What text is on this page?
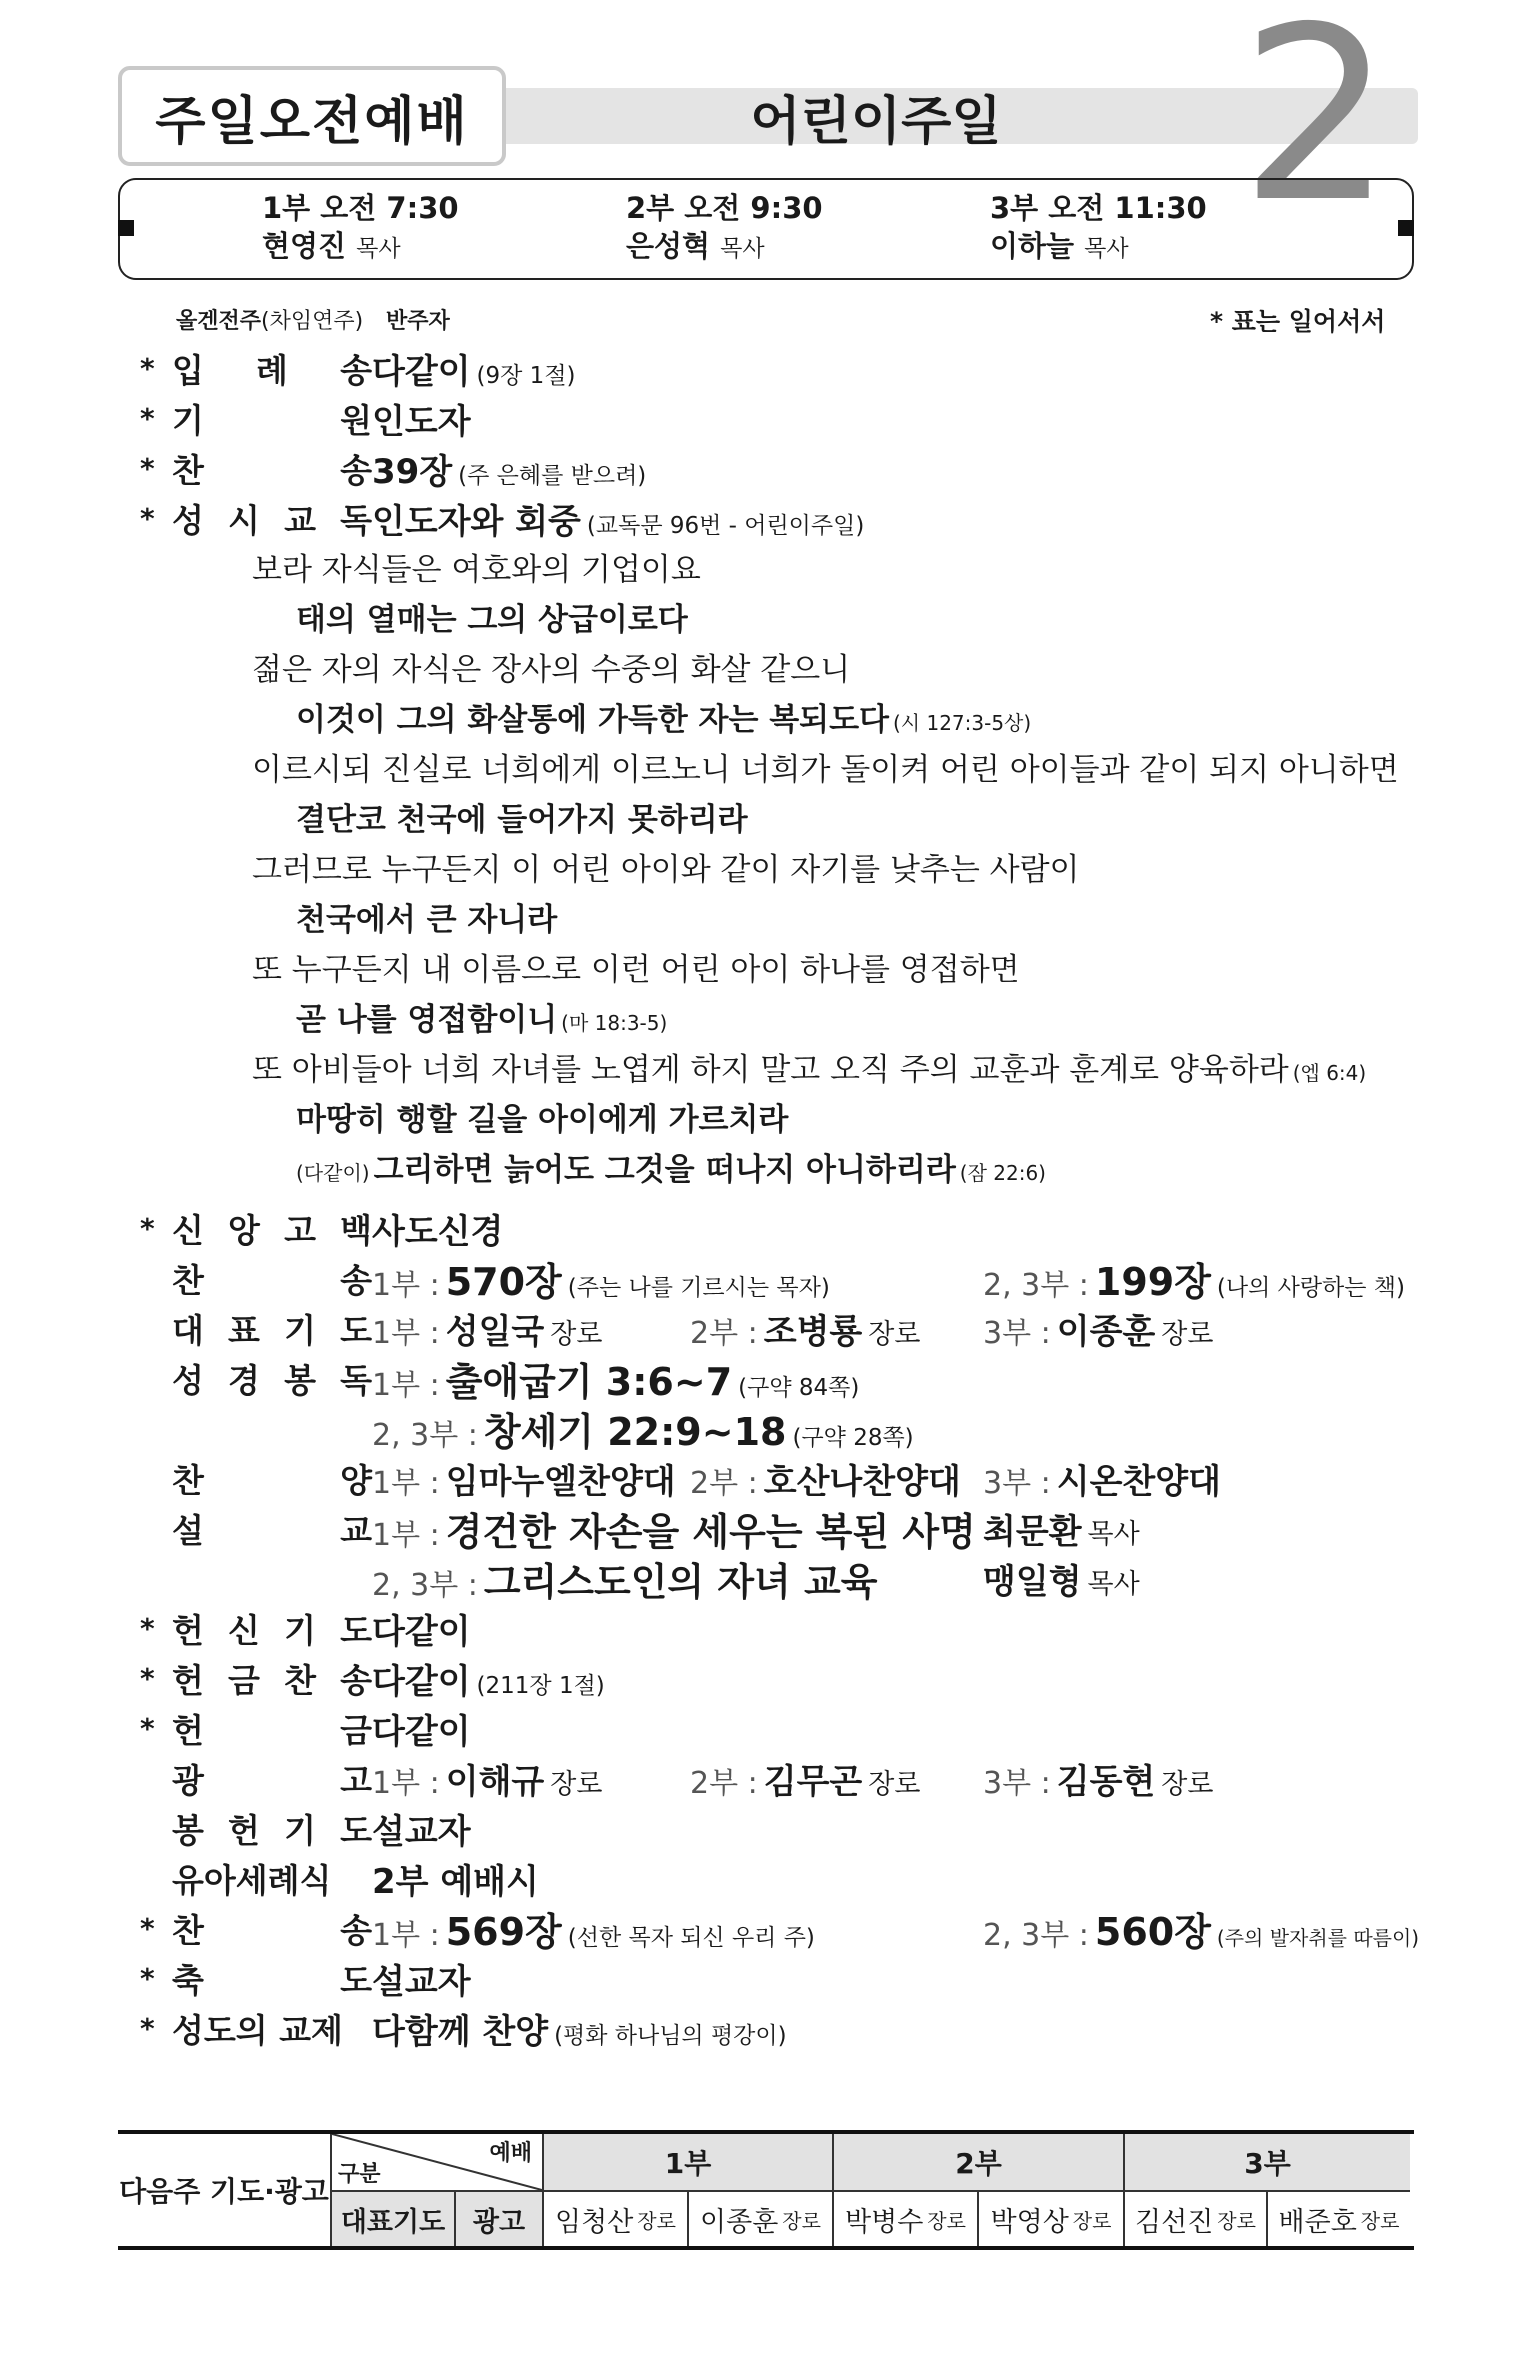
주일오전예배	어린이주일 2
1부 오전 7:30
현영진 목사
2부 오전 9:30
은성혁 목사
3부 오전 11:30
이하늘 목사
올겐전주(차임연주) 반주자	* 표는 일어서서
* 입 례 송 다같이 (9장 1절)
* 기	원 인도자
* 찬	송 39장 (주 은혜를 받으려)
* 성 시 교 독 인도자와 회중 (교독문 96번 - 어린이주일)
보라 자식들은 여호와의 기업이요
태의 열매는 그의 상급이로다
젊은 자의 자식은 장사의 수중의 화살 같으니
이것이 그의 화살통에 가득한 자는 복되도다 (시 127:3-5상)
이르시되 진실로 너희에게 이르노니 너희가 돌이켜 어린 아이들과 같이 되지 아니하면
결단코 천국에 들어가지 못하리라
그러므로 누구든지 이 어린 아이와 같이 자기를 낮추는 사람이
천국에서 큰 자니라
또 누구든지 내 이름으로 이런 어린 아이 하나를 영접하면
곧 나를 영접함이니 (마 18:3-5)
또 아비들아 너희 자녀를 노엽게 하지 말고 오직 주의 교훈과 훈계로 양육하라 (엡 6:4)
마땅히 행할 길을 아이에게 가르치라
(다같이) 그리하면 늙어도 그것을 떠나지 아니하리라 (잠 22:6)
* 신 앙 고 백 사도신경
찬	송 1부 : 570장 (주는 나를 기르시는 목자)	2, 3부 : 199장 (나의 사랑하는 책)
대 표 기 도 1부 : 성일국 장로	2부 : 조병룡 장로 3부 : 이종훈 장로
성 경 봉 독 1부 : 출애굽기 3:6~7 (구약 84쪽)
2, 3부 : 창세기 22:9~18 (구약 28쪽)
찬	양 1부 : 임마누엘찬양대 2부 : 호산나찬양대 3부 : 시온찬양대
설	교 1부 : 경건한 자손을 세우는 복된 사명 최문환 목사
2, 3부 : 그리스도인의 자녀 교육	맹일형 목사
* 헌 신 기 도 다같이
* 헌 금 찬 송 다같이 (211장 1절)
* 헌	금 다같이
광	고 1부 : 이해규 장로	2부 : 김무곤 장로 3부 : 김동현 장로
봉 헌 기 도 설교자
유아세례식	2부 예배시
* 찬	송 1부 : 569장 (선한 목자 되신 우리 주)	2, 3부 : 560장 (주의 발자취를 따름이)
* 축	도 설교자
* 성도의 교제 다함께 찬양 (평화 하나님의 평강이)
다음주 기도·광고
예배
구분	1부	2부	3부
대표기도	광고	임청산 장로 이종훈 장로 박병수 장로 박영상 장로 김선진 장로 배준호 장로
